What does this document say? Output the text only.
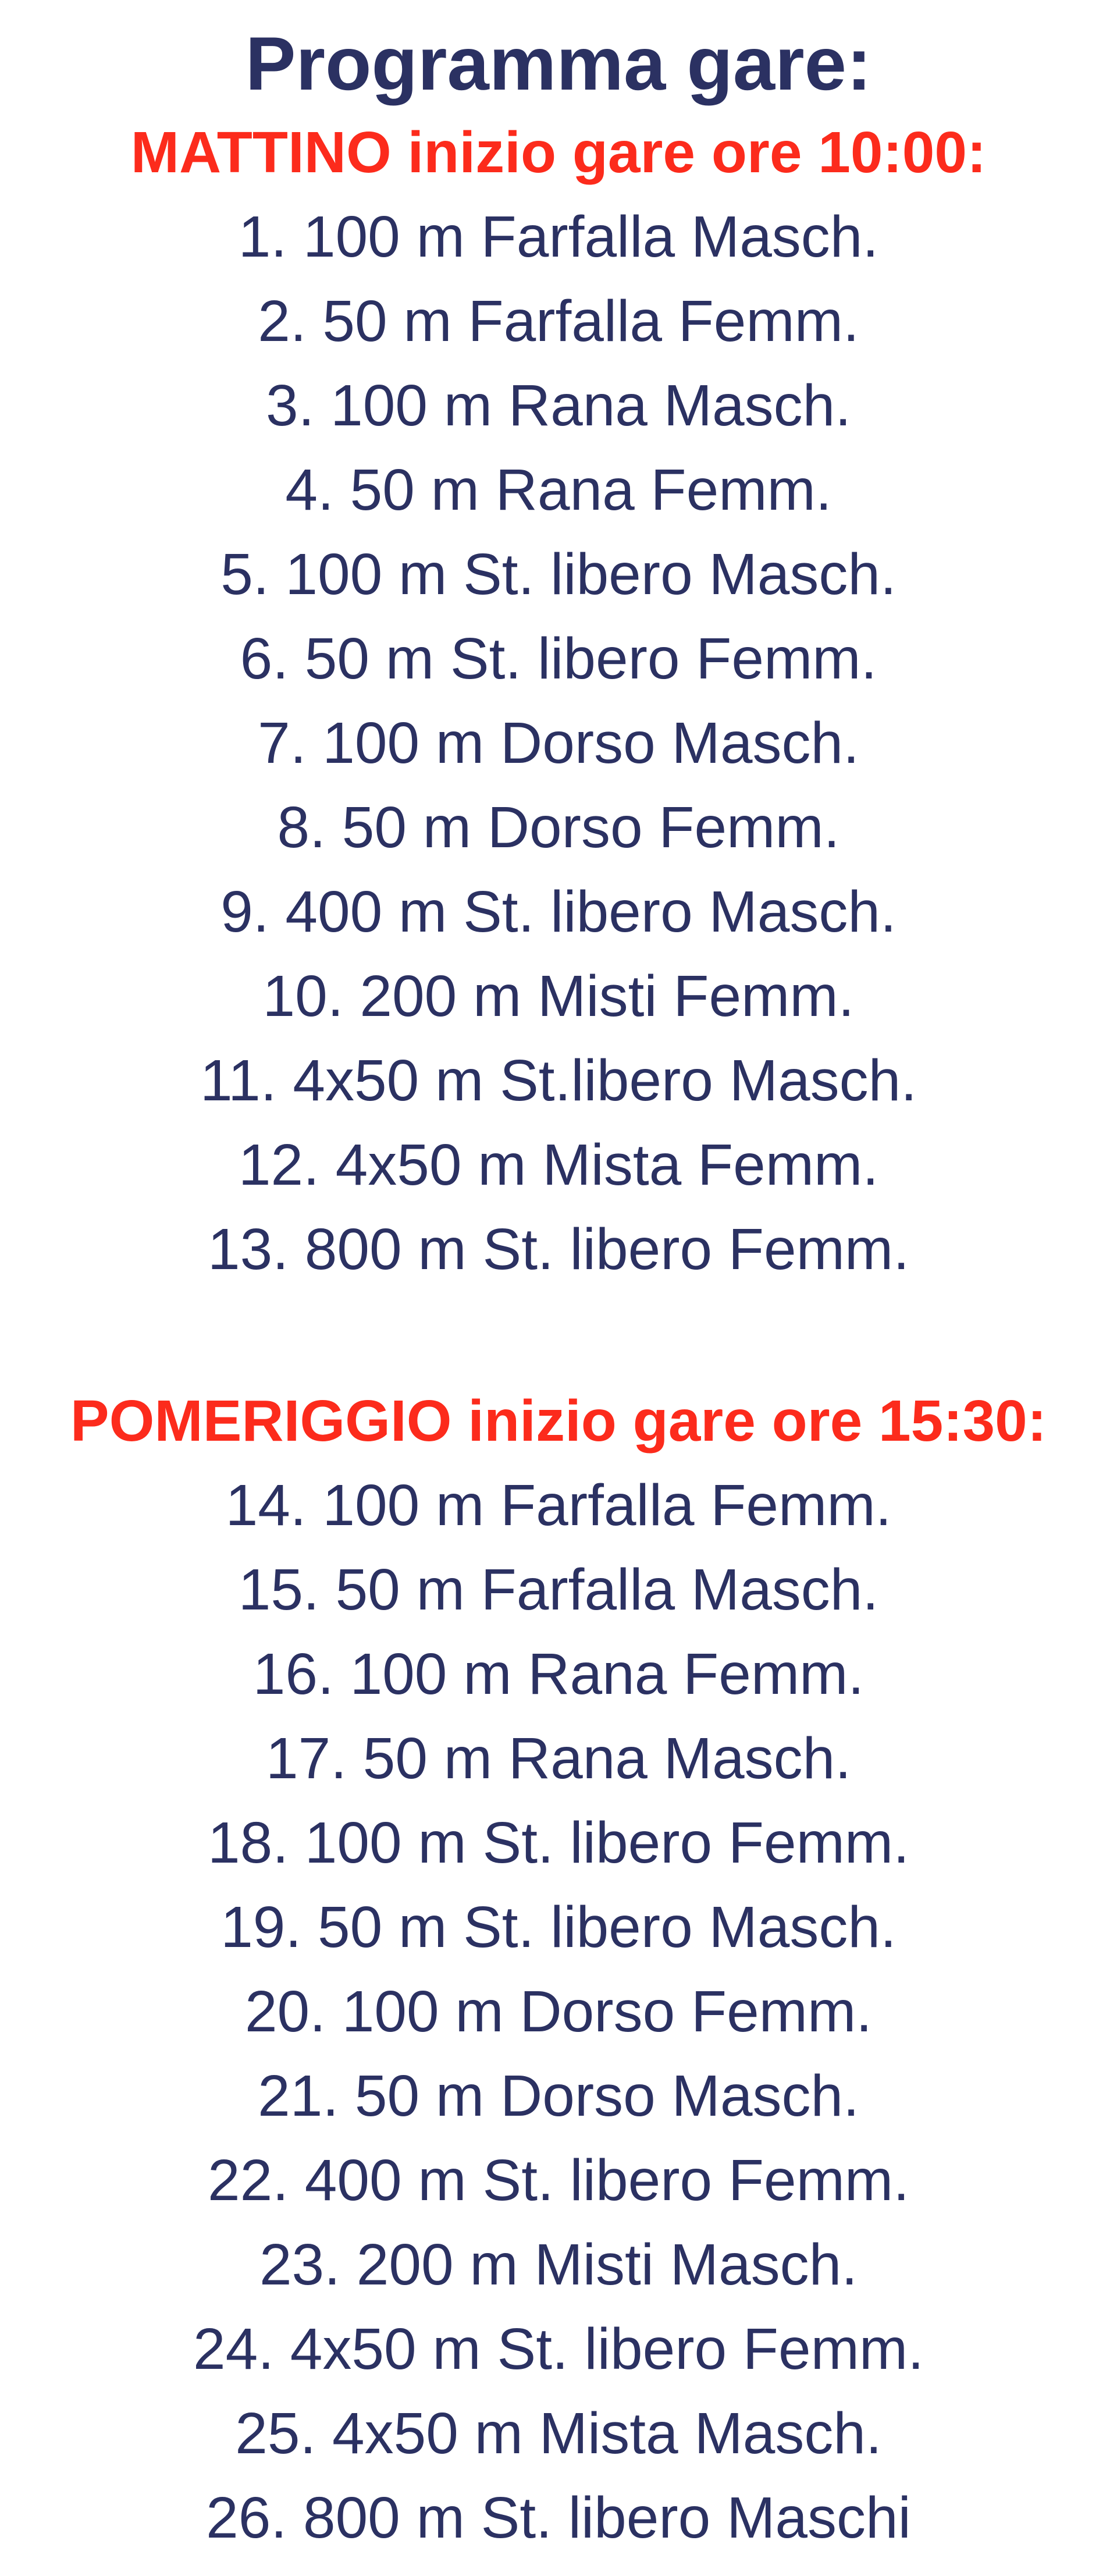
Programma gare:
MATTINO inizio gare ore 10:00:
1. 100 m Farfalla Masch.
2. 50 m Farfalla Femm.
3. 100 m Rana Masch.
4. 50 m Rana Femm.
5. 100 m St. libero Masch.
6. 50 m St. libero Femm.
7. 100 m Dorso Masch.
8. 50 m Dorso Femm.
9. 400 m St. libero Masch.
10. 200 m Misti Femm.
11. 4x50 m St.libero Masch.
12. 4x50 m Mista Femm.
13. 800 m St. libero Femm.
POMERIGGIO inizio gare ore 15:30:
14. 100 m Farfalla Femm.
15. 50 m Farfalla Masch.
16. 100 m Rana Femm.
17. 50 m Rana Masch.
18. 100 m St. libero Femm.
19. 50 m St. libero Masch.
20. 100 m Dorso Femm.
21. 50 m Dorso Masch.
22. 400 m St. libero Femm.
23. 200 m Misti Masch.
24. 4x50 m St. libero Femm.
25. 4x50 m Mista Masch.
26. 800 m St. libero Maschi
